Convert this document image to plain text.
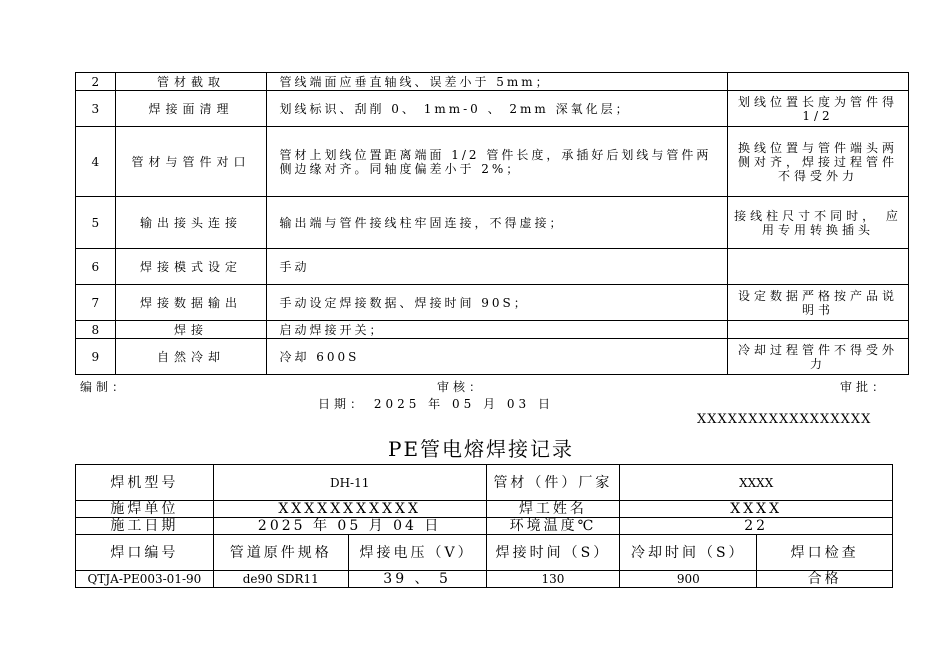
2	管材截取	管线端面应垂直轴线、误差小于 5mm；	
3	焊接面清理	划线标识、刮削 0、 1mm-0 、 2mm 深氧化层；	划线位置长度为管件得 1/2
4	管材与管件对口	管材上划线位置距离端面 1/2 管件长度，承插好后划线与管件两侧边缘对齐。同轴度偏差小于 2%；	换线位置与管件端头两侧对齐，焊接过程管件不得受外力
5	输出接头连接	输出端与管件接线柱牢固连接，不得虚接；	接线柱尺寸不同时， 应用专用转换插头
6	焊接模式设定	手动	
7	焊接数据输出	手动设定焊接数据、焊接时间 90S；	设定数据严格按产品说明书
8	焊接	启动焊接开关；	
9	自然冷却	冷却 600S	冷却过程管件不得受外力
编制：	审核：	审批：
日期： 2025 年 05 月 03 日
XXXXXXXXXXXXXXXXX
PE管电熔焊接记录
焊机型号	DH-11		管材（件）厂家	XXXX	
施焊单位	XXXXXXXXXXX		焊工姓名	XXXX	
施工日期	2025 年 05 月 04 日		环境温度℃	22	
焊口编号	管道原件规格	焊接电压（V）	焊接时间（S）	冷却时间（S）	焊口检查
QTJA-PE003-01-90	de90 SDR11	39 、 5	130	900	合格
